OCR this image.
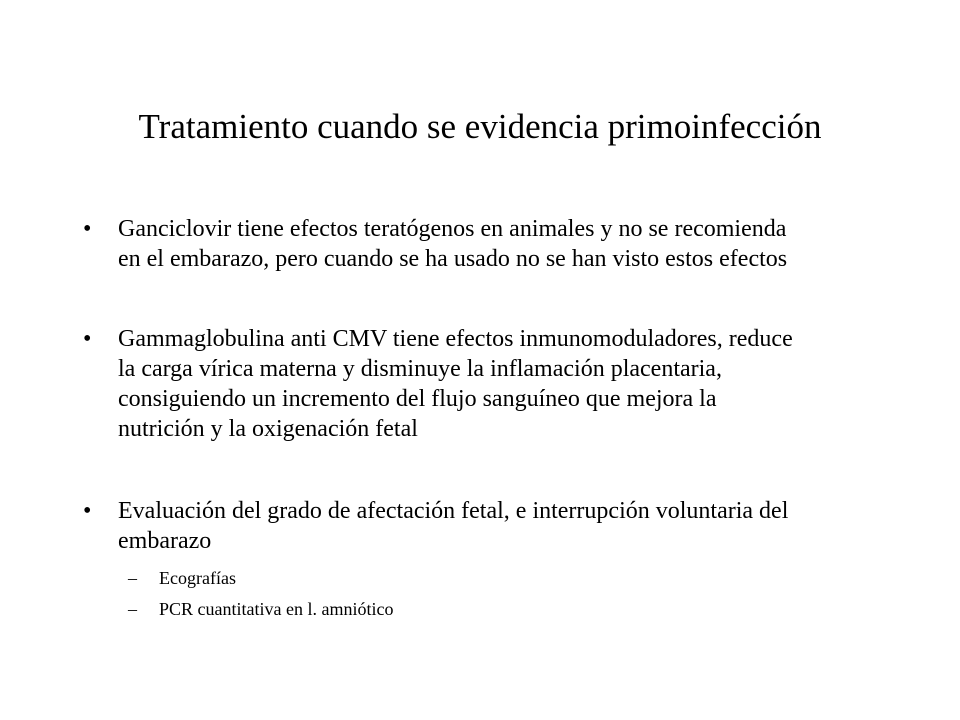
Tratamiento cuando se evidencia primoinfección
• Ganciclovir tiene efectos teratógenos en animales y no se recomienda
en el embarazo, pero cuando se ha usado no se han visto estos efectos
• Gammaglobulina anti CMV tiene efectos inmunomoduladores, reduce
la carga vírica materna y disminuye la inflamación placentaria,
consiguiendo un incremento del flujo sanguíneo que mejora la
nutrición y la oxigenación fetal
• Evaluación del grado de afectación fetal, e interrupción voluntaria del
embarazo
– Ecografías
– PCR cuantitativa en l. amniótico
